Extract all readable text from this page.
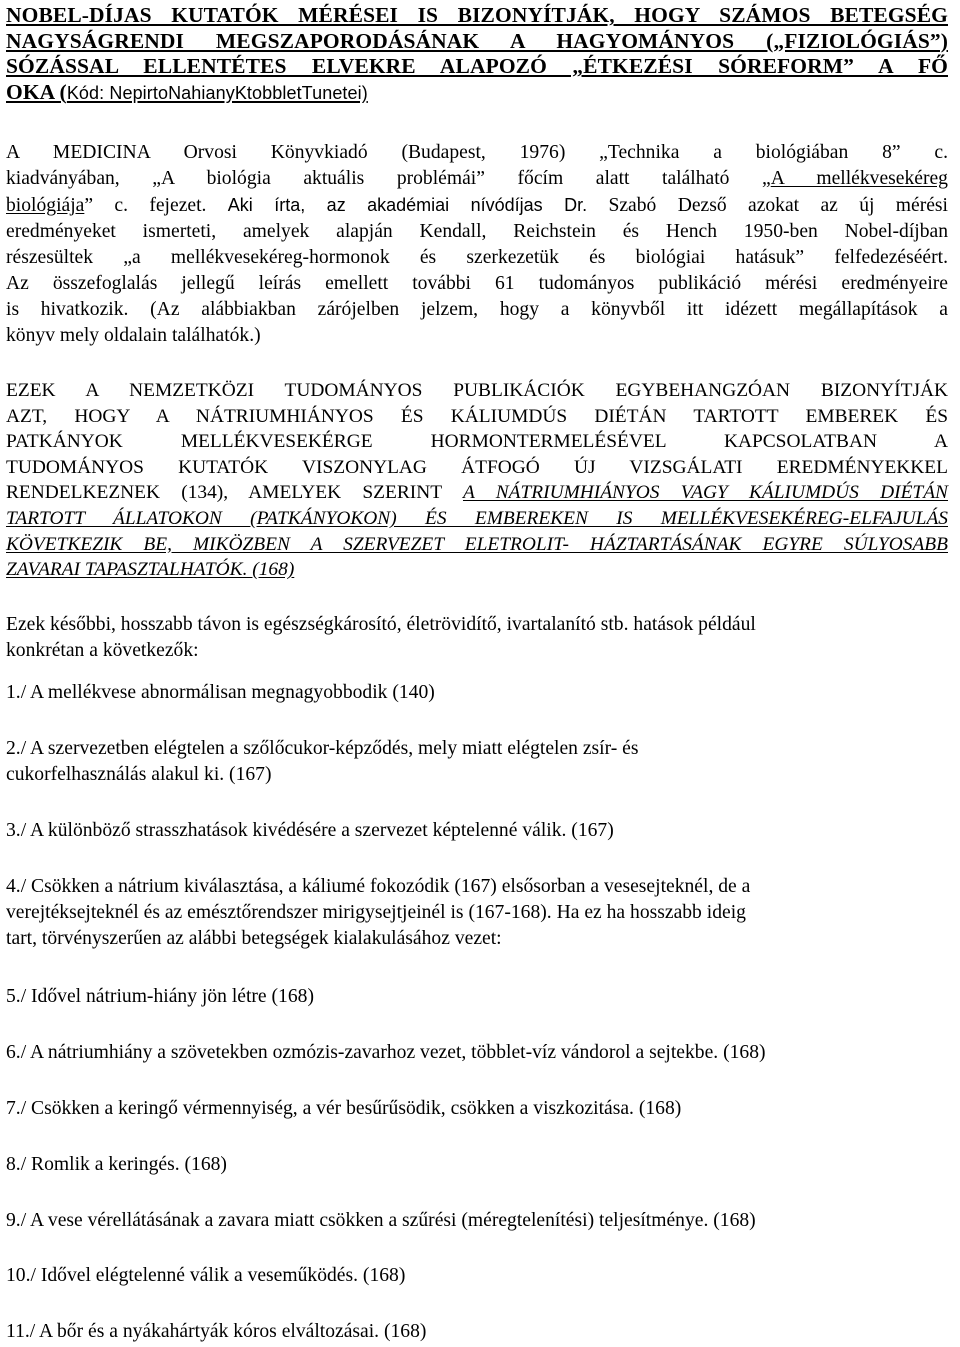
NOBEL-DÍJAS KUTATÓK MÉRÉSEI IS BIZONYÍTJÁK, HOGY SZÁMOS BETEGSÉG
NAGYSÁGRENDI MEGSZAPORODÁSÁNAK A HAGYOMÁNYOS („FIZIOLÓGIÁS”)
SÓZÁSSAL ELLENTÉTES ELVEKRE ALAPOZÓ „ÉTKEZÉSI SÓREFORM” A FŐ
OKA (Kód: NepirtoNahianyKtobbletTunetei)
A MEDICINA Orvosi Könyvkiadó (Budapest, 1976) „Technika a biológiában 8” c.
kiadványában, „A biológia aktuális problémái” főcím alatt található „A mellékvesekéreg
biológiája” c. fejezet. Aki írta, az akadémiai nívódíjas Dr. Szabó Dezső azokat az új mérési
eredményeket ismerteti, amelyek alapján Kendall, Reichstein és Hench 1950-ben Nobel-díjban
részesültek „a mellékvesekéreg-hormonok és szerkezetük és biológiai hatásuk” felfedezéséért.
Az összefoglalás jellegű leírás emellett további 61 tudományos publikáció mérési eredményeire
is hivatkozik. (Az alábbiakban zárójelben jelzem, hogy a könyvből itt idézett megállapítások a
könyv mely oldalain találhatók.)
EZEK A NEMZETKÖZI TUDOMÁNYOS PUBLIKÁCIÓK EGYBEHANGZÓAN BIZONYÍTJÁK
AZT, HOGY A NÁTRIUMHIÁNYOS ÉS KÁLIUMDÚS DIÉTÁN TARTOTT EMBEREK ÉS
PATKÁNYOK MELLÉKVESEKÉRGE HORMONTERMELÉSÉVEL KAPCSOLATBAN A
TUDOMÁNYOS KUTATÓK VISZONYLAG ÁTFOGÓ ÚJ VIZSGÁLATI EREDMÉNYEKKEL
RENDELKEZNEK (134), AMELYEK SZERINT A NÁTRIUMHIÁNYOS VAGY KÁLIUMDÚS DIÉTÁN
TARTOTT ÁLLATOKON (PATKÁNYOKON) ÉS EMBEREKEN IS MELLÉKVESEKÉREG-ELFAJULÁS
KÖVETKEZIK BE, MIKÖZBEN A SZERVEZET ELETROLIT- HÁZTARTÁSÁNAK EGYRE SÚLYOSABB
ZAVARAI TAPASZTALHATÓK. (168)
Ezek későbbi, hosszabb távon is egészségkárosító, életrövidítő, ivartalanító stb. hatások például
konkrétan a következők:
1./ A mellékvese abnormálisan megnagyobbodik (140)
2./ A szervezetben elégtelen a szőlőcukor-képződés, mely miatt elégtelen zsír- és
cukorfelhasználás alakul ki. (167)
3./ A különböző strasszhatások kivédésére a szervezet képtelenné válik. (167)
4./ Csökken a nátrium kiválasztása, a káliumé fokozódik (167) elsősorban a vesesejteknél, de a
verejtéksejteknél és az emésztőrendszer mirigysejtjeinél is (167-168). Ha ez ha hosszabb ideig
tart, törvényszerűen az alábbi betegségek kialakulásához vezet:
5./ Idővel nátrium-hiány jön létre (168)
6./ A nátriumhiány a szövetekben ozmózis-zavarhoz vezet, többlet-víz vándorol a sejtekbe. (168)
7./ Csökken a keringő vérmennyiség, a vér besűrűsödik, csökken a viszkozitása. (168)
8./ Romlik a keringés. (168)
9./ A vese vérellátásának a zavara miatt csökken a szűrési (méregtelenítési) teljesítménye. (168)
10./ Idővel elégtelenné válik a veseműködés. (168)
11./ A bőr és a nyákahártyák kóros elváltozásai. (168)
